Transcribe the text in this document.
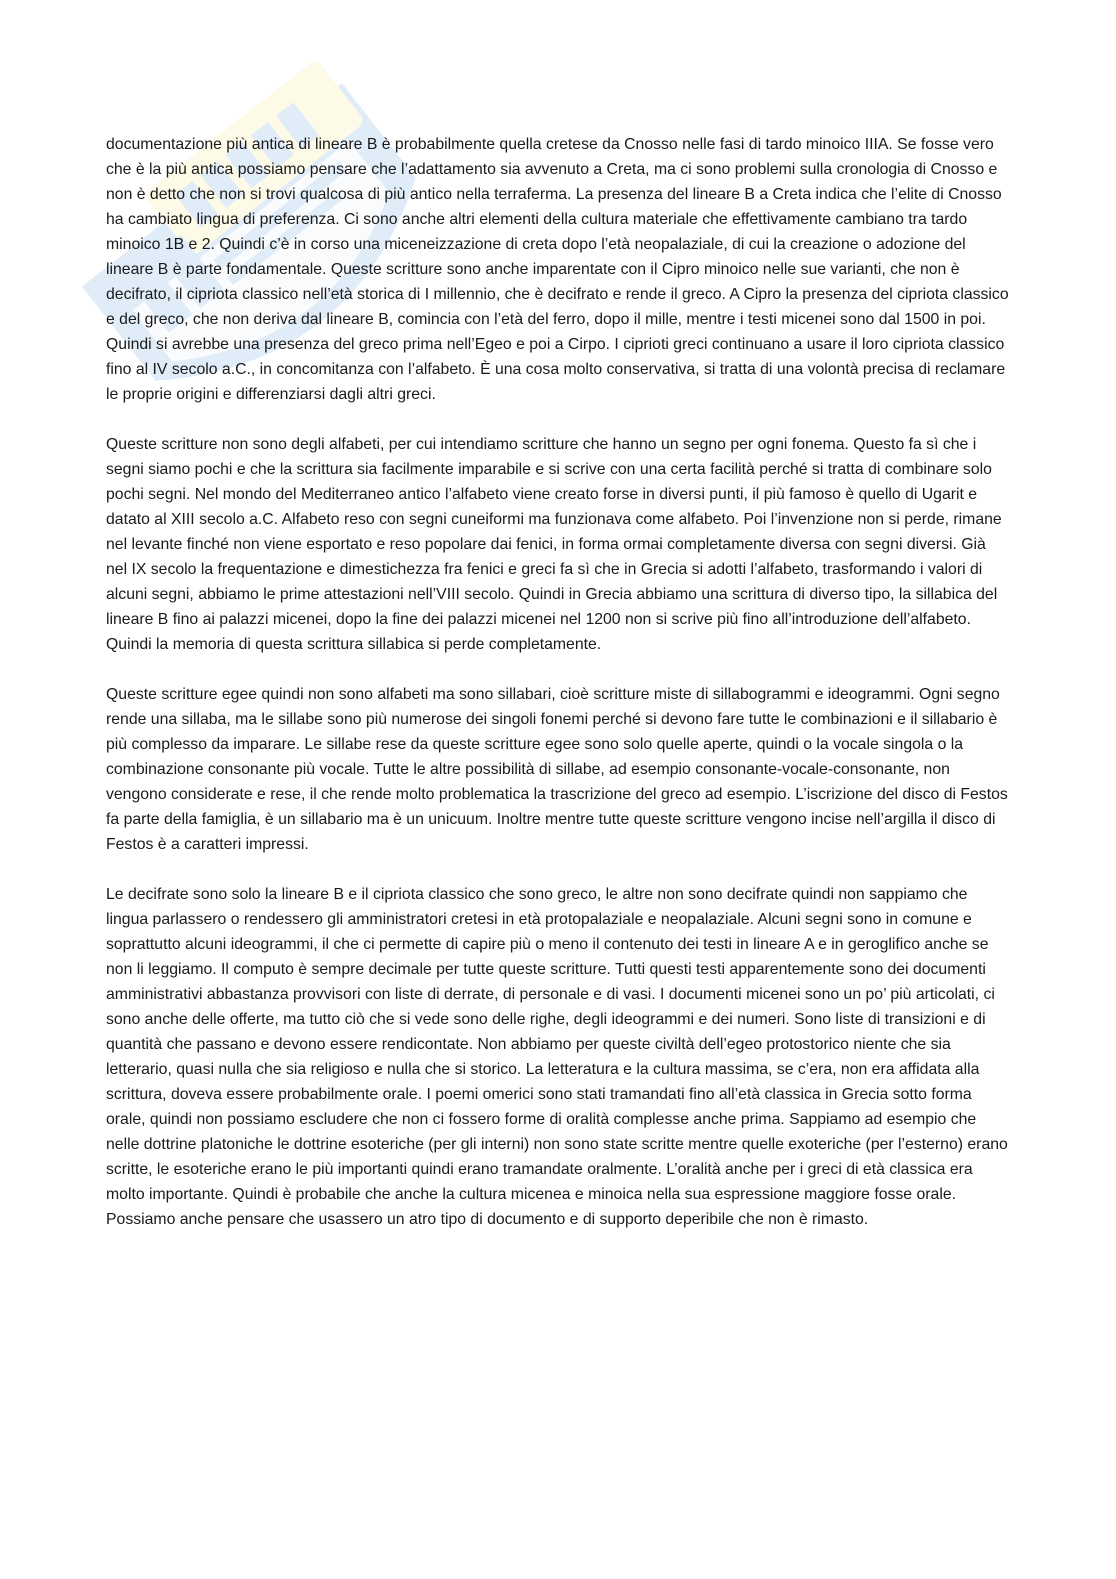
documentazione più antica di lineare B è probabilmente quella cretese da Cnosso nelle fasi di tardo minoico IIIA. Se fosse vero che è la più antica possiamo pensare che l’adattamento sia avvenuto a Creta, ma ci sono problemi sulla cronologia di Cnosso e non è detto che non si trovi qualcosa di più antico nella terraferma. La presenza del lineare B a Creta indica che l’elite di Cnosso ha cambiato lingua di preferenza. Ci sono anche altri elementi della cultura materiale che effettivamente cambiano tra tardo minoico 1B e 2. Quindi c’è in corso una miceneizzazione di creta dopo l’età neopalaziale, di cui la creazione o adozione del lineare B è parte fondamentale. Queste scritture sono anche imparentate con il Cipro minoico nelle sue varianti, che non è decifrato, il cipriota classico nell’età storica di I millennio, che è decifrato e rende il greco. A Cipro la presenza del cipriota classico e del greco, che non deriva dal lineare B, comincia con l’età del ferro, dopo il mille, mentre i testi micenei sono dal 1500 in poi. Quindi si avrebbe una presenza del greco prima nell’Egeo e poi a Cirpo. I ciprioti greci continuano a usare il loro cipriota classico fino al IV secolo a.C., in concomitanza con l’alfabeto. È una cosa molto conservativa, si tratta di una volontà precisa di reclamare le proprie origini e differenziarsi dagli altri greci.

Queste scritture non sono degli alfabeti, per cui intendiamo scritture che hanno un segno per ogni fonema. Questo fa sì che i segni siamo pochi e che la scrittura sia facilmente imparabile e si scrive con una certa facilità perché si tratta di combinare solo pochi segni. Nel mondo del Mediterraneo antico l’alfabeto viene creato forse in diversi punti, il più famoso è quello di Ugarit e datato al XIII secolo a.C. Alfabeto reso con segni cuneiformi ma funzionava come alfabeto. Poi l’invenzione non si perde, rimane nel levante finché non viene esportato e reso popolare dai fenici, in forma ormai completamente diversa con segni diversi. Già nel IX secolo la frequentazione e dimestichezza fra fenici e greci fa sì che in Grecia si adotti l’alfabeto, trasformando i valori di alcuni segni, abbiamo le prime attestazioni nell’VIII secolo. Quindi in Grecia abbiamo una scrittura di diverso tipo, la sillabica del lineare B fino ai palazzi micenei, dopo la fine dei palazzi micenei nel 1200 non si scrive più fino all’introduzione dell’alfabeto. Quindi la memoria di questa scrittura sillabica si perde completamente.

Queste scritture egee quindi non sono alfabeti ma sono sillabari, cioè scritture miste di sillabogrammi e ideogrammi. Ogni segno rende una sillaba, ma le sillabe sono più numerose dei singoli fonemi perché si devono fare tutte le combinazioni e il sillabario è più complesso da imparare. Le sillabe rese da queste scritture egee sono solo quelle aperte, quindi o la vocale singola o la combinazione consonante più vocale. Tutte le altre possibilità di sillabe, ad esempio consonante-vocale-consonante, non vengono considerate e rese, il che rende molto problematica la trascrizione del greco ad esempio. L’iscrizione del disco di Festos fa parte della famiglia, è un sillabario ma è un unicuum. Inoltre mentre tutte queste scritture vengono incise nell’argilla il disco di Festos è a caratteri impressi.

Le decifrate sono solo la lineare B e il cipriota classico che sono greco, le altre non sono decifrate quindi non sappiamo che lingua parlassero o rendessero gli amministratori cretesi in età protopalaziale e neopalaziale. Alcuni segni sono in comune e soprattutto alcuni ideogrammi, il che ci permette di capire più o meno il contenuto dei testi in lineare A e in geroglifico anche se non li leggiamo. Il computo è sempre decimale per tutte queste scritture. Tutti questi testi apparentemente sono dei documenti amministrativi abbastanza provvisori con liste di derrate, di personale e di vasi. I documenti micenei sono un po’ più articolati, ci sono anche delle offerte, ma tutto ciò che si vede sono delle righe, degli ideogrammi e dei numeri. Sono liste di transizioni e di quantità che passano e devono essere rendicontate. Non abbiamo per queste civiltà dell’egeo protostorico niente che sia letterario, quasi nulla che sia religioso e nulla che si storico. La letteratura e la cultura massima, se c’era, non era affidata alla scrittura, doveva essere probabilmente orale. I poemi omerici sono stati tramandati fino all’età classica in Grecia sotto forma orale, quindi non possiamo escludere che non ci fossero forme di oralità complesse anche prima. Sappiamo ad esempio che nelle dottrine platoniche le dottrine esoteriche (per gli interni) non sono state scritte mentre quelle exoteriche (per l’esterno) erano scritte, le esoteriche erano le più importanti quindi erano tramandate oralmente. L’oralità anche per i greci di età classica era molto importante. Quindi è probabile che anche la cultura micenea e minoica nella sua espressione maggiore fosse orale. Possiamo anche pensare che usassero un atro tipo di documento e di supporto deperibile che non è rimasto.
